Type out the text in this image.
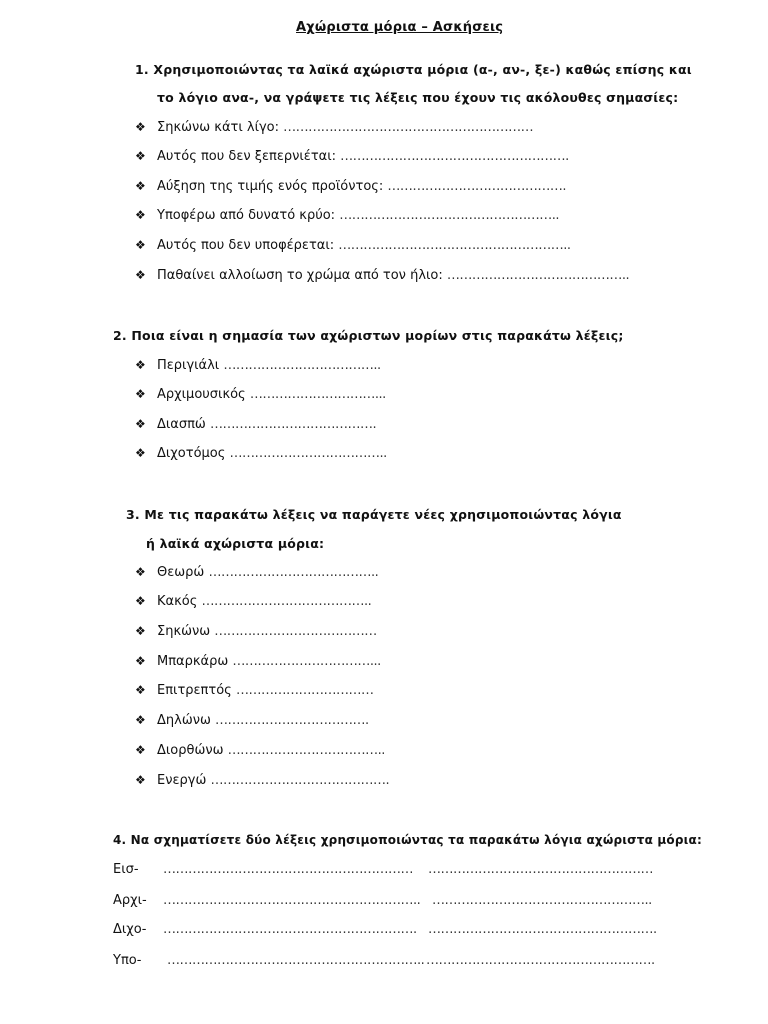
Αχώριστα μόρια – Ασκήσεις
1. Χρησιμοποιώντας τα λαϊκά αχώριστα μόρια (α-, αν-, ξε-) καθώς επίσης και
το λόγιο ανα-, να γράψετε τις λέξεις που έχουν τις ακόλουθες σημασίες:
❖ Σηκώνω κάτι λίγο: ……………………………………………………
❖ Αυτός που δεν ξεπερνιέται: ……………………………………………….
❖ Αύξηση της τιμής ενός προϊόντος: …………………………………….
❖ Υποφέρω από δυνατό κρύο: ……………………………………………..
❖ Αυτός που δεν υποφέρεται: ………………………………………………..
❖ Παθαίνει αλλοίωση το χρώμα από τον ήλιο: ……………………………………..
2. Ποια είναι η σημασία των αχώριστων μορίων στις παρακάτω λέξεις;
❖ Περιγιάλι ………………………………..
❖ Αρχιμουσικός …………………………...
❖ Διασπώ ………………………………….
❖ Διχοτόμος ………………………………..
3. Με τις παρακάτω λέξεις να παράγετε νέες χρησιμοποιώντας λόγια
ή λαϊκά αχώριστα μόρια:
❖ Θεωρώ …………………………………..
❖ Κακός …………………………………..
❖ Σηκώνω …………………………………
❖ Μπαρκάρω ……………………………...
❖ Επιτρεπτός ……………………………
❖ Δηλώνω ……………………………….
❖ Διορθώνω ………………………………..
❖ Ενεργώ …………………………………….
4. Να σχηματίσετε δύο λέξεις χρησιμοποιώντας τα παρακάτω λόγια αχώριστα μόρια:
Εισ- …………………………………………………… ………………………………………………
Αρχι- …………………………………………………….. ……………………………………………..
Διχο- ……………………………………………………. ……………………………………………….
Υπο- …………………………………………………….. ……………………………………………….
